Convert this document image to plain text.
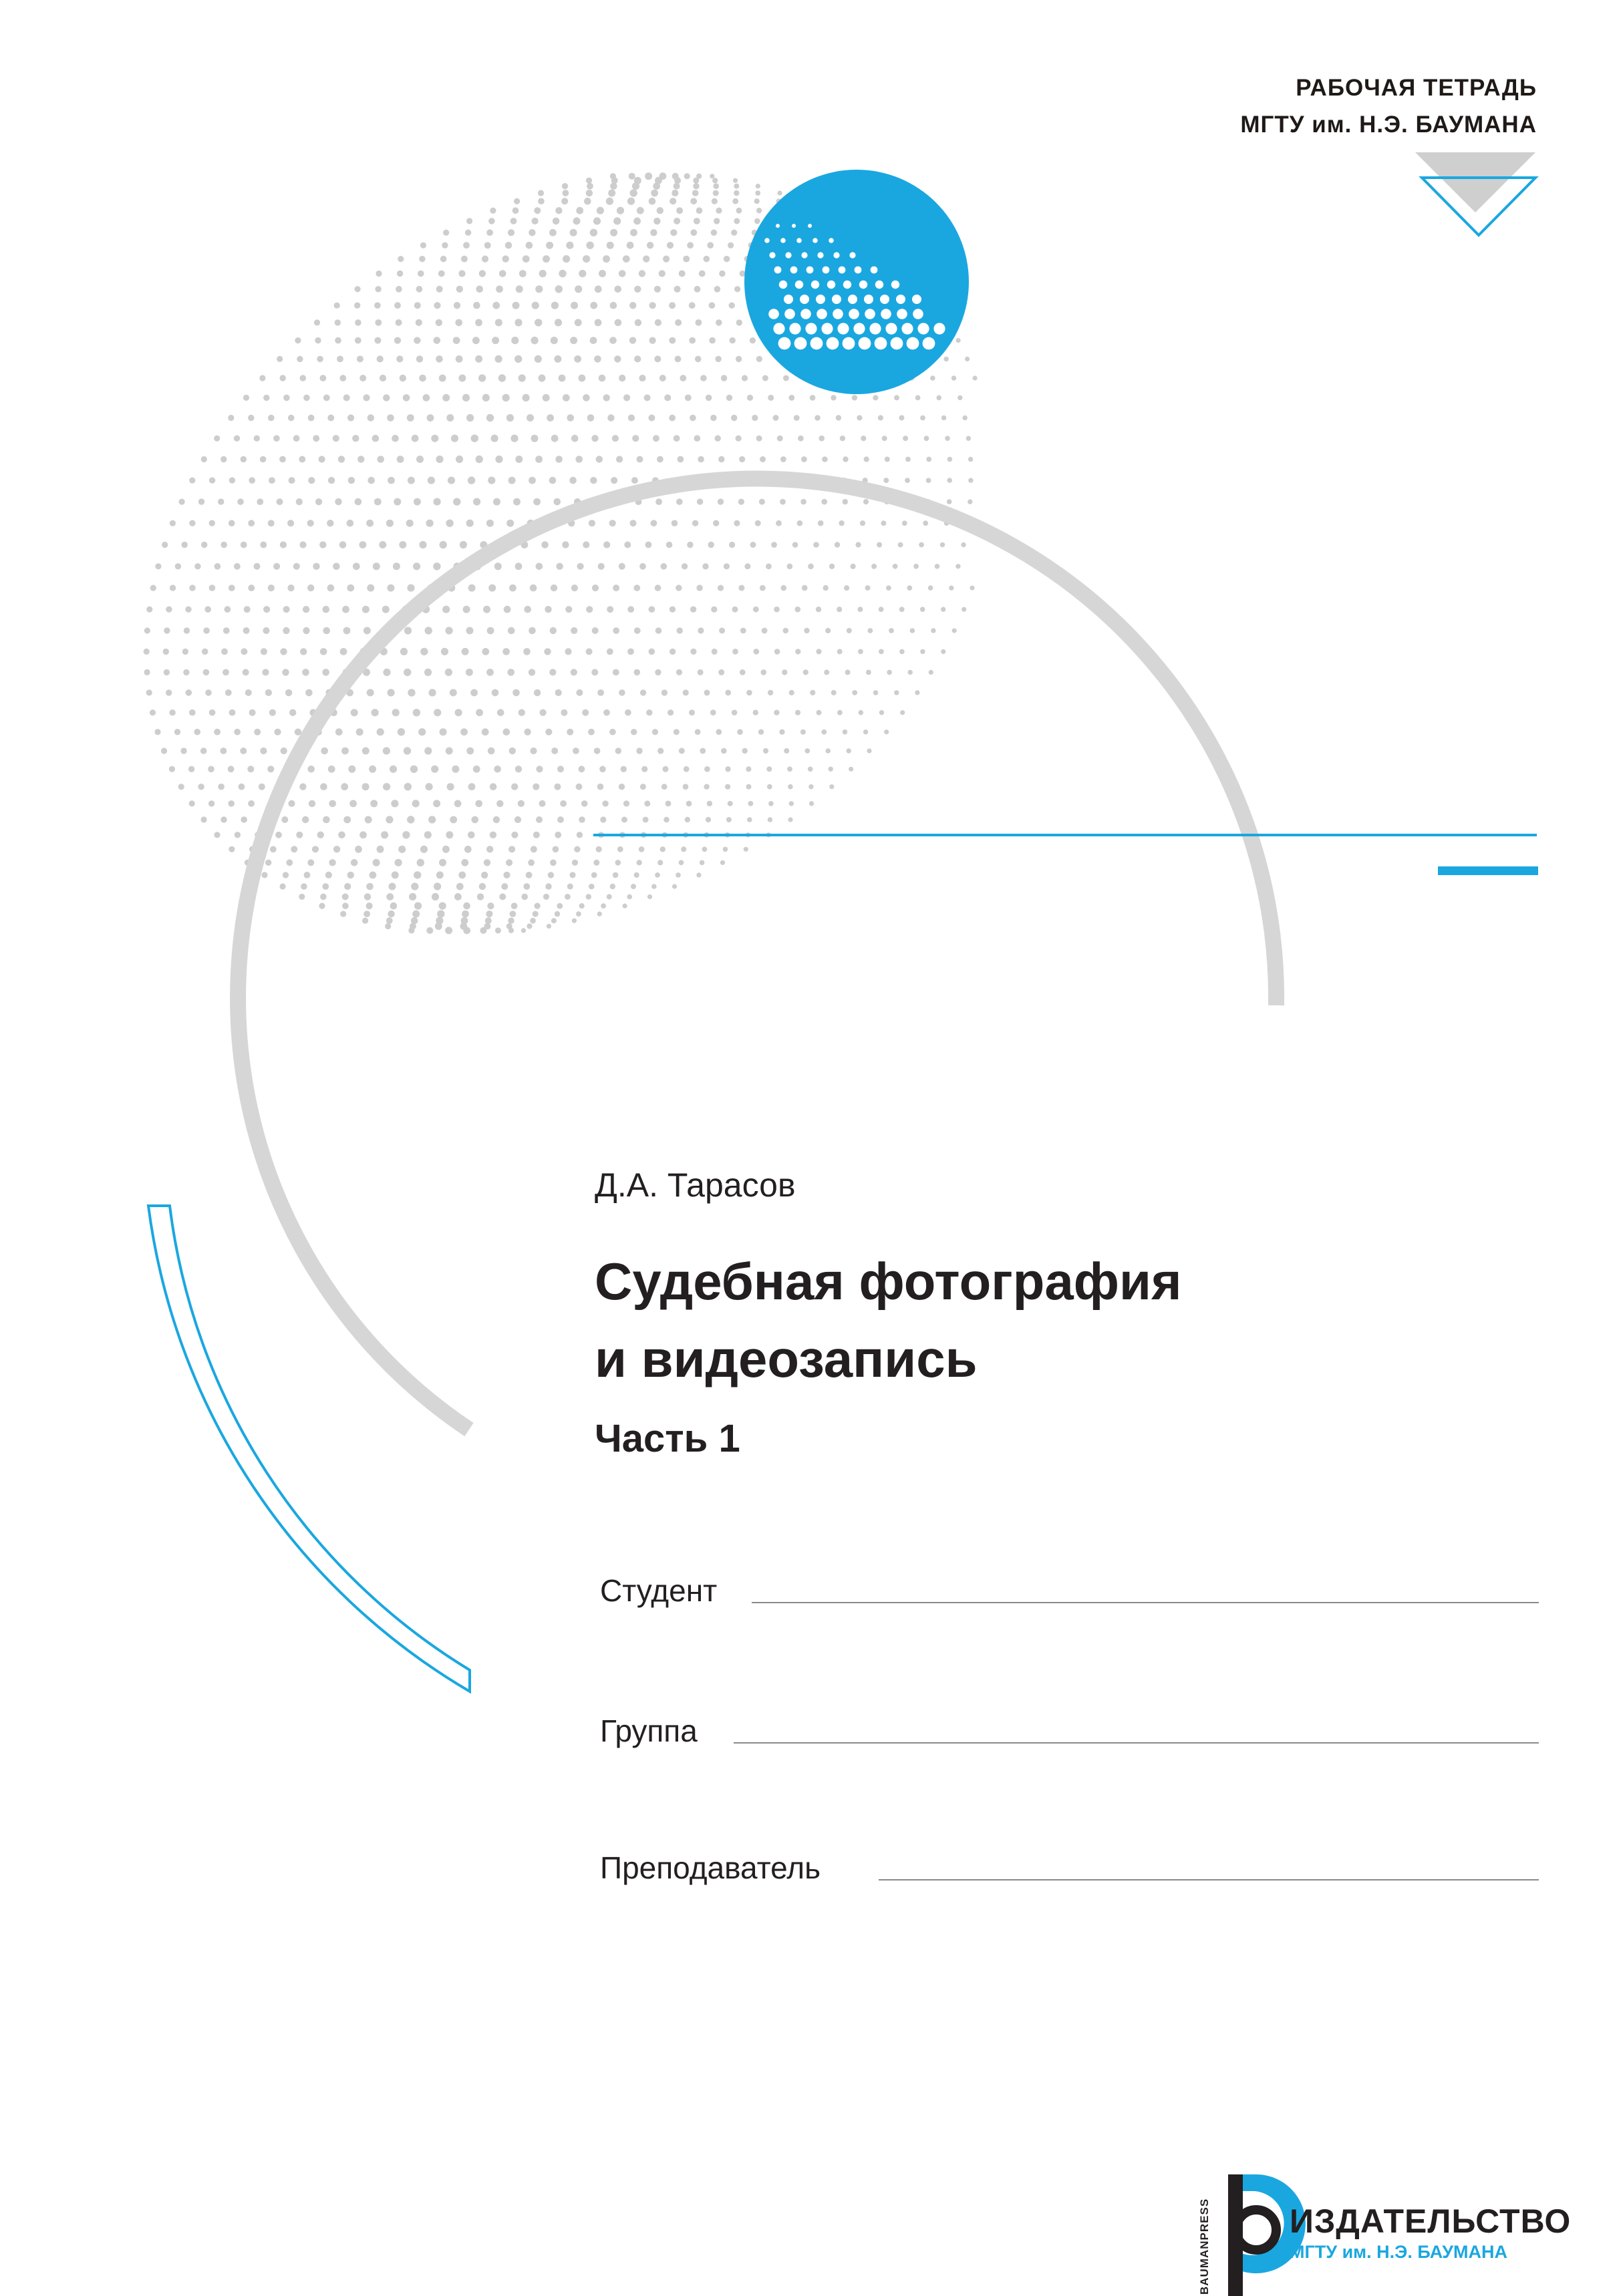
РАБОЧАЯ ТЕТРАДЬ
МГТУ им. Н.Э. БАУМАНА
Д.А. Тарасов
Судебная фотография
и видеозапись
Часть 1
Студент
Группа
Преподаватель
BAUMANPRESS ИЗДАТЕЛЬСТВО
МГТУ им. Н.Э. БАУМАНА
